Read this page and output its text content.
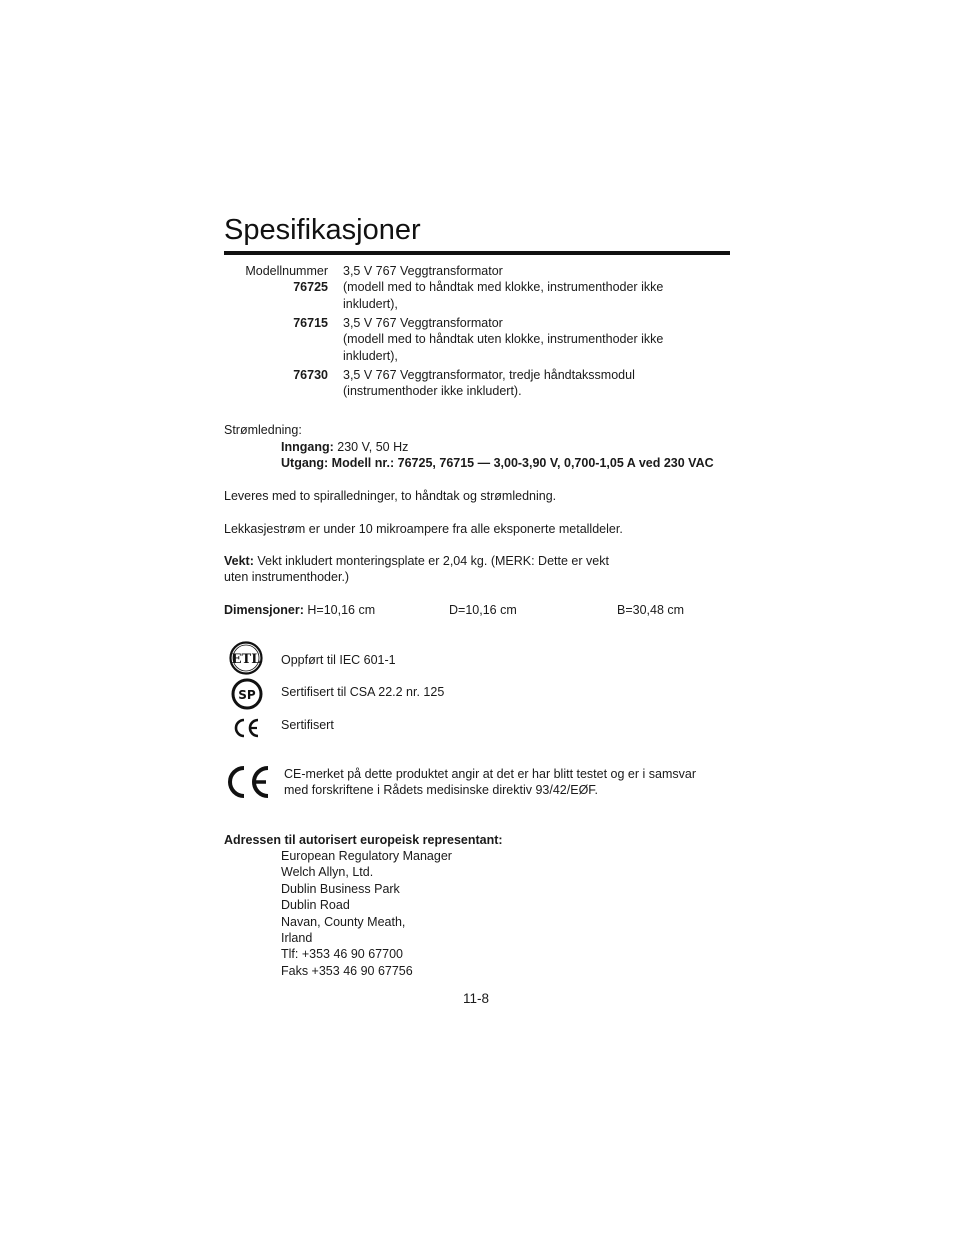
Spesifikasjoner
Modellnummer 3,5 V 767 Veggtransformator
(modell med to håndtak med klokke, instrumenthoder ikke
inkludert),
76725
76715 3,5 V 767 Veggtransformator
(modell med to håndtak uten klokke, instrumenthoder ikke
inkludert),
76730 3,5 V 767 Veggtransformator, tredje håndtakssmodul
(instrumenthoder ikke inkludert).
Strømledning:
Inngang: 230 V, 50 Hz
Utgang: Modell nr.: 76725, 76715 — 3,00-3,90 V, 0,700-1,05 A ved 230 VAC
Leveres med to spiralledninger, to håndtak og strømledning.
Lekkasjestrøm er under 10 mikroampere fra alle eksponerte metalldeler.
Vekt: Vekt inkludert monteringsplate er 2,04 kg. (MERK: Dette er vekt
uten instrumenthoder.)
Dimensjoner: H=10,16 cm	D=10,16 cm	B=30,48 cm
ETL Oppført til IEC 601-1
SP Sertifisert til CSA 22.2 nr. 125
Sertifisert
CE-merket på dette produktet angir at det er har blitt testet og er i samsvar
med forskriftene i Rådets medisinske direktiv 93/42/EØF.
Adressen til autorisert europeisk representant:
European Regulatory Manager
Welch Allyn, Ltd.
Dublin Business Park
Dublin Road
Navan, County Meath,
Irland
Tlf: +353 46 90 67700
Faks +353 46 90 67756
11-8
